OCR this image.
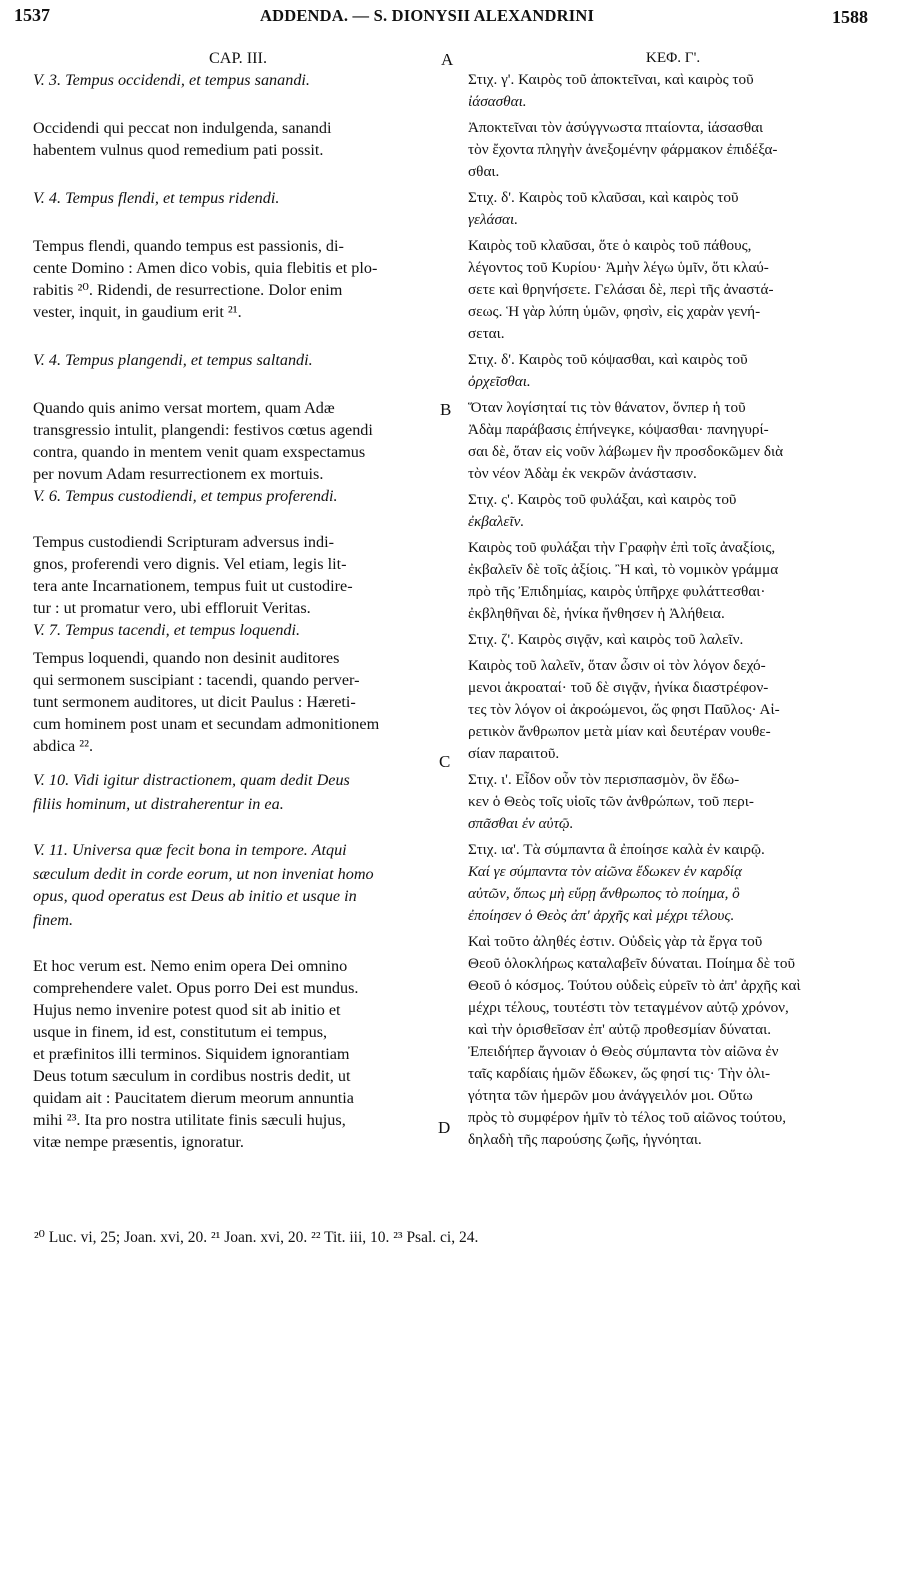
1537	ADDENDA. — S. DIONYSII ALEXANDRINI	1588
A
B
C
D
CAP. III.
V. 3. Tempus occidendi, et tempus sanandi.
Occidendi qui peccat non indulgenda, sanandi
habentem vulnus quod remedium pati possit.
V. 4. Tempus flendi, et tempus ridendi.
Tempus flendi, quando tempus est passionis, di-
cente Domino : Amen dico vobis, quia flebitis et plo-
rabitis ²⁰. Ridendi, de resurrectione. Dolor enim
vester, inquit, in gaudium erit ²¹.
V. 4. Tempus plangendi, et tempus saltandi.
Quando quis animo versat mortem, quam Adæ
transgressio intulit, plangendi: festivos cœtus agendi
contra, quando in mentem venit quam exspectamus
per novum Adam resurrectionem ex mortuis.
V. 6. Tempus custodiendi, et tempus proferendi.
Tempus custodiendi Scripturam adversus indi-
gnos, proferendi vero dignis. Vel etiam, legis lit-
tera ante Incarnationem, tempus fuit ut custodire-
tur : ut promatur vero, ubi effloruit Veritas.
V. 7. Tempus tacendi, et tempus loquendi.
Tempus loquendi, quando non desinit auditores
qui sermonem suscipiant : tacendi, quando perver-
tunt sermonem auditores, ut dicit Paulus : Hæreti-
cum hominem post unam et secundam admonitionem
abdica ²².
V. 10. Vidi igitur distractionem, quam dedit Deus
filiis hominum, ut distraherentur in ea.
V. 11. Universa quæ fecit bona in tempore. Atqui
sæculum dedit in corde eorum, ut non inveniat homo
opus, quod operatus est Deus ab initio et usque in
finem.
Et hoc verum est. Nemo enim opera Dei omnino
comprehendere valet. Opus porro Dei est mundus.
Hujus nemo invenire potest quod sit ab initio et
usque in finem, id est, constitutum ei tempus,
et præfinitos illi terminos. Siquidem ignorantiam
Deus totum sæculum in cordibus nostris dedit, ut
quidam ait : Paucitatem dierum meorum annuntia
mihi ²³. Ita pro nostra utilitate finis sæculi hujus,
vitæ nempe præsentis, ignoratur.
ΚΕΦ. Γ'.
Στιχ. γ'. Καιρὸς τοῦ ἀποκτεῖναι, καὶ καιρὸς τοῦ
ἰάσασθαι.
Ἀποκτεῖναι τὸν ἀσύγγνωστα πταίοντα, ἰάσασθαι
τὸν ἔχοντα πληγὴν ἀνεξομένην φάρμακον ἐπιδέξα-
σθαι.
Στιχ. δ'. Καιρὸς τοῦ κλαῦσαι, καὶ καιρὸς τοῦ
γελάσαι.
Καιρὸς τοῦ κλαῦσαι, ὅτε ὁ καιρὸς τοῦ πάθους,
λέγοντος τοῦ Κυρίου· Ἀμὴν λέγω ὑμῖν, ὅτι κλαύ-
σετε καὶ θρηνήσετε. Γελάσαι δὲ, περὶ τῆς ἀναστά-
σεως. Ἡ γὰρ λύπη ὑμῶν, φησὶν, εἰς χαρὰν γενή-
σεται.
Στιχ. δ'. Καιρὸς τοῦ κόψασθαι, καὶ καιρὸς τοῦ
ὀρχεῖσθαι.
Ὅταν λογίσηταί τις τὸν θάνατον, ὅνπερ ἡ τοῦ
Ἀδὰμ παράβασις ἐπήνεγκε, κόψασθαι· πανηγυρί-
σαι δὲ, ὅταν εἰς νοῦν λάβωμεν ἣν προσδοκῶμεν διὰ
τὸν νέον Ἀδὰμ ἐκ νεκρῶν ἀνάστασιν.
Στιχ. ς'. Καιρὸς τοῦ φυλάξαι, καὶ καιρὸς τοῦ
ἐκβαλεῖν.
Καιρὸς τοῦ φυλάξαι τὴν Γραφὴν ἐπὶ τοῖς ἀναξίοις,
ἐκβαλεῖν δὲ τοῖς ἀξίοις. Ἢ καὶ, τὸ νομικὸν γράμμα
πρὸ τῆς Ἐπιδημίας, καιρὸς ὑπῆρχε φυλάττεσθαι·
ἐκβληθῆναι δὲ, ἡνίκα ἤνθησεν ἡ Ἀλήθεια.
Στιχ. ζ'. Καιρὸς σιγᾷν, καὶ καιρὸς τοῦ λαλεῖν.
Καιρὸς τοῦ λαλεῖν, ὅταν ὦσιν οἱ τὸν λόγον δεχό-
μενοι ἀκροαταί· τοῦ δὲ σιγᾷν, ἡνίκα διαστρέφον-
τες τὸν λόγον οἱ ἀκροώμενοι, ὥς φησι Παῦλος· Αἱ-
ρετικὸν ἄνθρωπον μετὰ μίαν καὶ δευτέραν νουθε-
σίαν παραιτοῦ.
Στιχ. ι'. Εἶδον οὖν τὸν περισπασμὸν, ὃν ἔδω-
κεν ὁ Θεὸς τοῖς υἱοῖς τῶν ἀνθρώπων, τοῦ περι-
σπᾶσθαι ἐν αὐτῷ.
Στιχ. ια'. Τὰ σύμπαντα ἃ ἐποίησε καλὰ ἐν καιρῷ.
Καί γε σύμπαντα τὸν αἰῶνα ἔδωκεν ἐν καρδίᾳ
αὐτῶν, ὅπως μὴ εὕρῃ ἄνθρωπος τὸ ποίημα, ὃ
ἐποίησεν ὁ Θεὸς ἀπ' ἀρχῆς καὶ μέχρι τέλους.
Καὶ τοῦτο ἀληθές ἐστιν. Οὐδεὶς γὰρ τὰ ἔργα τοῦ
Θεοῦ ὁλοκλήρως καταλαβεῖν δύναται. Ποίημα δὲ τοῦ
Θεοῦ ὁ κόσμος. Τούτου οὐδεὶς εὑρεῖν τὸ ἀπ' ἀρχῆς καὶ
μέχρι τέλους, τουτέστι τὸν τεταγμένον αὐτῷ χρόνον,
καὶ τὴν ὁρισθεῖσαν ἐπ' αὐτῷ προθεσμίαν δύναται.
Ἐπειδήπερ ἄγνοιαν ὁ Θεὸς σύμπαντα τὸν αἰῶνα ἐν
ταῖς καρδίαις ἡμῶν ἔδωκεν, ὥς φησί τις· Τὴν ὀλι-
γότητα τῶν ἡμερῶν μου ἀνάγγειλόν μοι. Οὕτω
πρὸς τὸ συμφέρον ἡμῖν τὸ τέλος τοῦ αἰῶνος τούτου,
δηλαδὴ τῆς παρούσης ζωῆς, ἠγνόηται.
²⁰ Luc. vi, 25; Joan. xvi, 20. ²¹ Joan. xvi, 20. ²² Tit. iii, 10. ²³ Psal. ci, 24.
